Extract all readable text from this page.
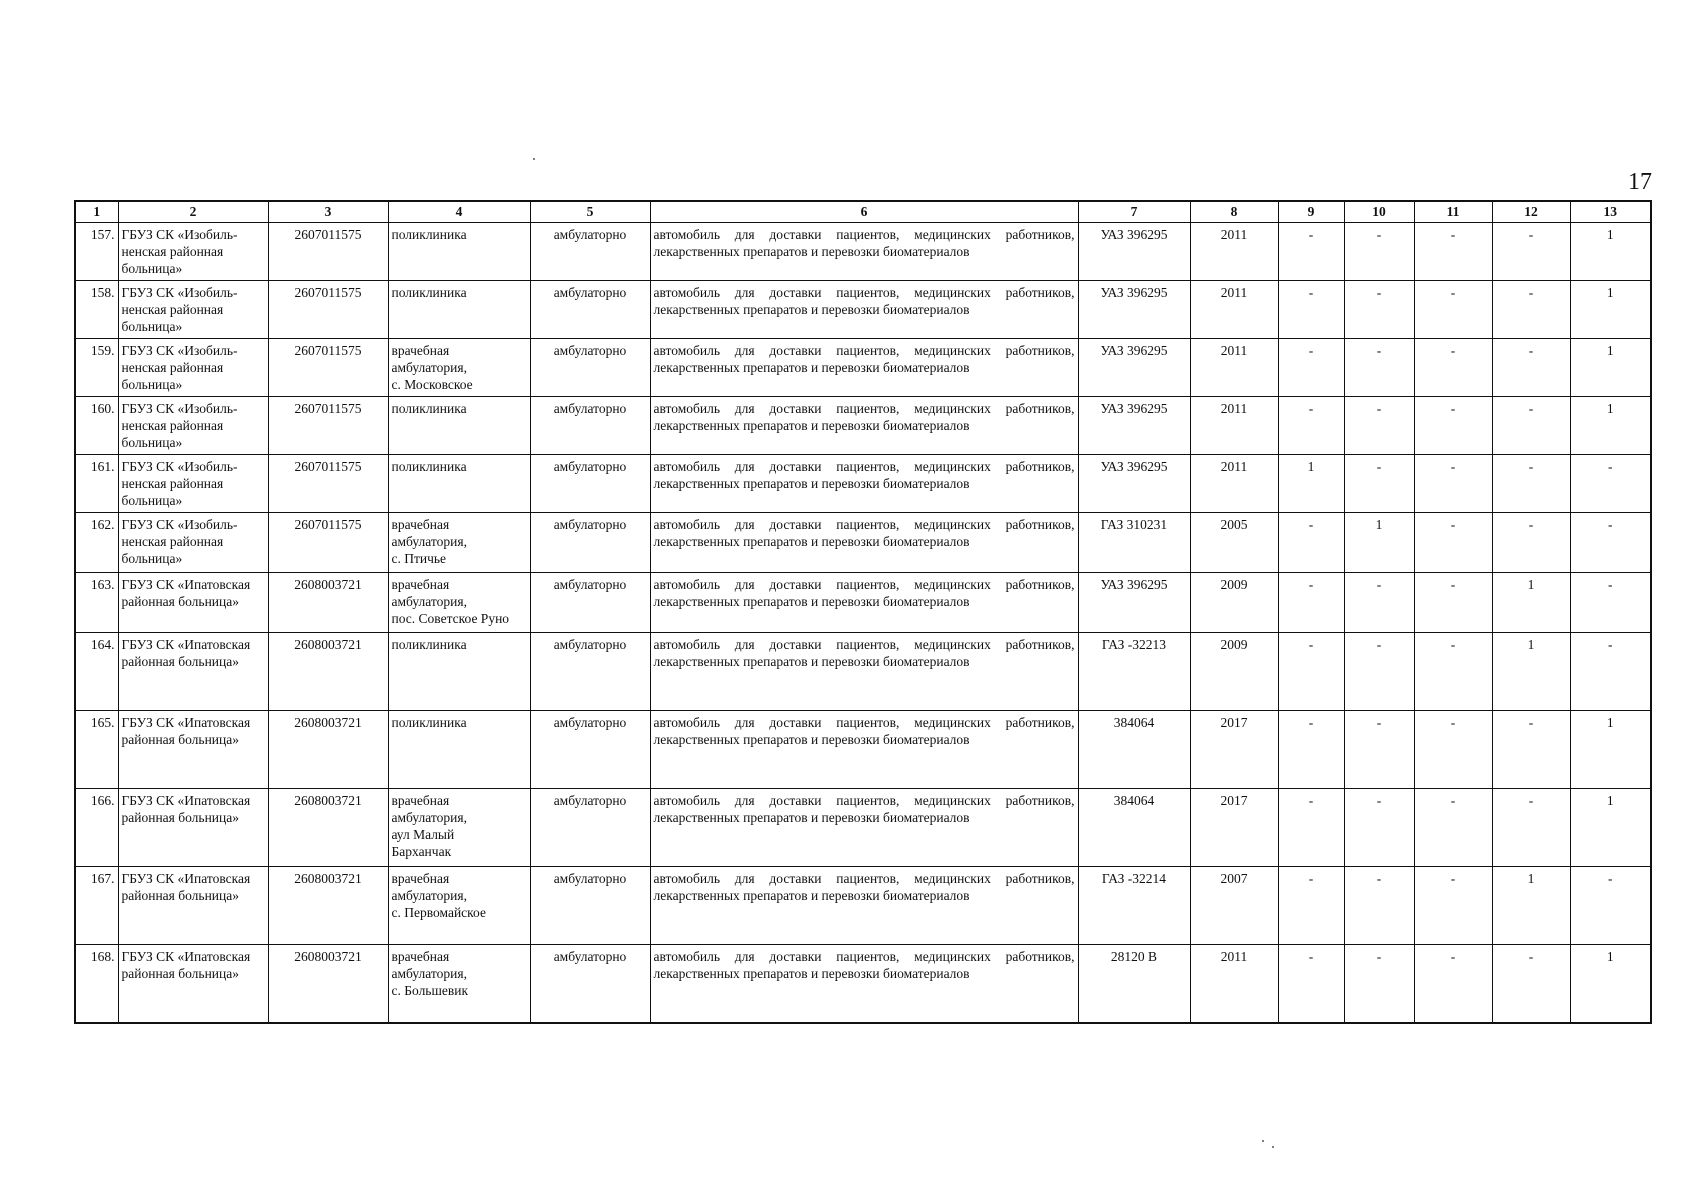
17
1	2	3	4	5	6	7	8	9	10	11	12	13
157.	ГБУЗ СК «Изобиль-
ненская районная
больница»	2607011575	поликлиника	амбулаторно	автомобиль для доставки пациентов, медицинских работников, лекарственных препаратов и перевозки биоматериалов	УАЗ 396295	2011	-	-	-	-	1
158.	ГБУЗ СК «Изобиль-
ненская районная
больница»	2607011575	поликлиника	амбулаторно	автомобиль для доставки пациентов, медицинских работников, лекарственных препаратов и перевозки биоматериалов	УАЗ 396295	2011	-	-	-	-	1
159.	ГБУЗ СК «Изобиль-
ненская районная
больница»	2607011575	врачебная
амбулатория,
с. Московское	амбулаторно	автомобиль для доставки пациентов, медицинских работников, лекарственных препаратов и перевозки биоматериалов	УАЗ 396295	2011	-	-	-	-	1
160.	ГБУЗ СК «Изобиль-
ненская районная
больница»	2607011575	поликлиника	амбулаторно	автомобиль для доставки пациентов, медицинских работников, лекарственных препаратов и перевозки биоматериалов	УАЗ 396295	2011	-	-	-	-	1
161.	ГБУЗ СК «Изобиль-
ненская районная
больница»	2607011575	поликлиника	амбулаторно	автомобиль для доставки пациентов, медицинских работников, лекарственных препаратов и перевозки биоматериалов	УАЗ 396295	2011	1	-	-	-	-
162.	ГБУЗ СК «Изобиль-
ненская районная
больница»	2607011575	врачебная
амбулатория,
с. Птичье	амбулаторно	автомобиль для доставки пациентов, медицинских работников, лекарственных препаратов и перевозки биоматериалов	ГАЗ 310231	2005	-	1	-	-	-
163.	ГБУЗ СК «Ипатовская
районная больница»	2608003721	врачебная
амбулатория,
пос. Советское Руно	амбулаторно	автомобиль для доставки пациентов, медицинских работников, лекарственных препаратов и перевозки биоматериалов	УАЗ 396295	2009	-	-	-	1	-
164.	ГБУЗ СК «Ипатовская
районная больница»	2608003721	поликлиника	амбулаторно	автомобиль для доставки пациентов, медицинских работников, лекарственных препаратов и перевозки биоматериалов	ГАЗ -32213	2009	-	-	-	1	-
165.	ГБУЗ СК «Ипатовская
районная больница»	2608003721	поликлиника	амбулаторно	автомобиль для доставки пациентов, медицинских работников, лекарственных препаратов и перевозки биоматериалов	384064	2017	-	-	-	-	1
166.	ГБУЗ СК «Ипатовская
районная больница»	2608003721	врачебная
амбулатория,
аул Малый
Барханчак	амбулаторно	автомобиль для доставки пациентов, медицинских работников, лекарственных препаратов и перевозки биоматериалов	384064	2017	-	-	-	-	1
167.	ГБУЗ СК «Ипатовская
районная больница»	2608003721	врачебная
амбулатория,
с. Первомайское	амбулаторно	автомобиль для доставки пациентов, медицинских работников, лекарственных препаратов и перевозки биоматериалов	ГАЗ -32214	2007	-	-	-	1	-
168.	ГБУЗ СК «Ипатовская
районная больница»	2608003721	врачебная
амбулатория,
с. Большевик	амбулаторно	автомобиль для доставки пациентов, медицинских работников, лекарственных препаратов и перевозки биоматериалов	28120 В	2011	-	-	-	-	1
